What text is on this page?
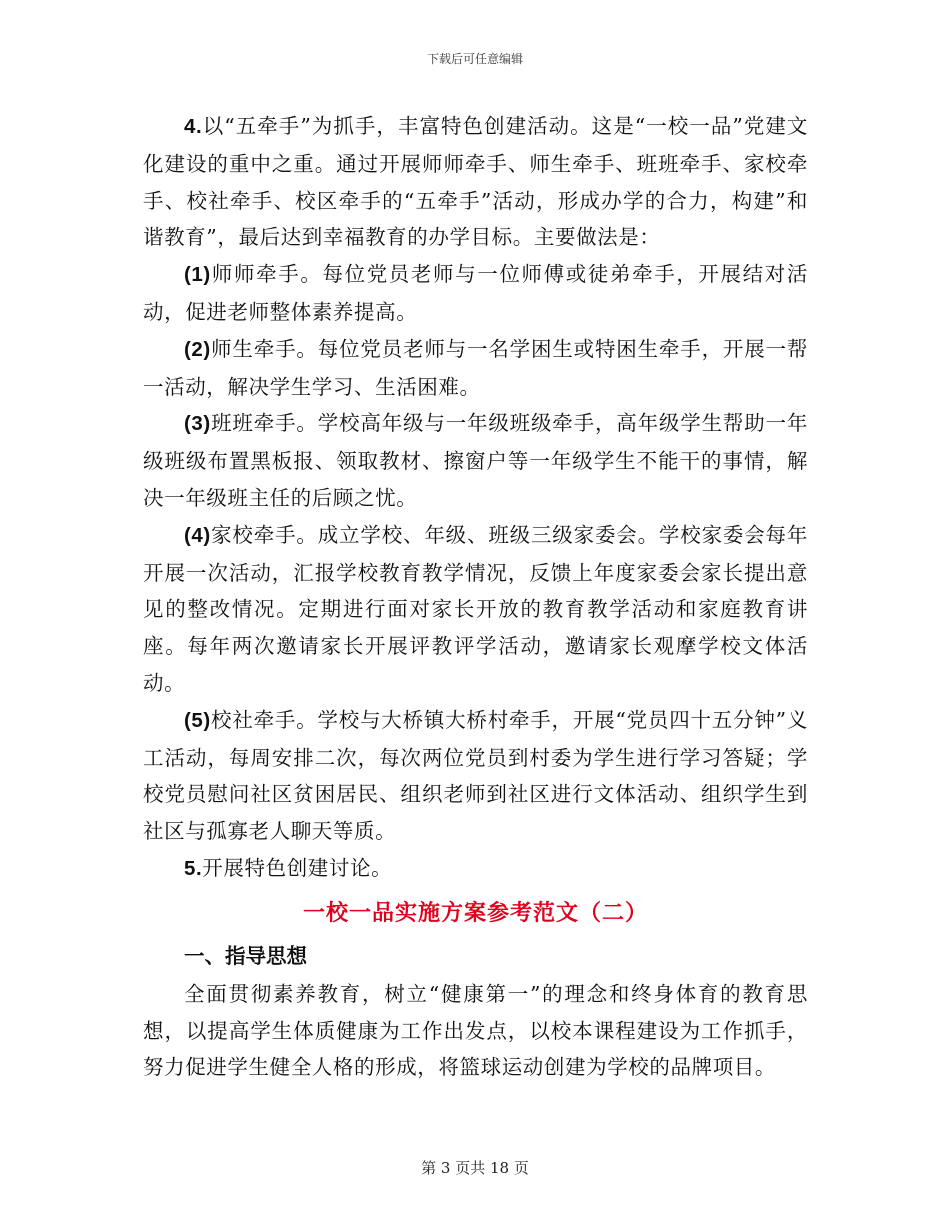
下载后可任意编辑

4.以“五牵手”为抓手，丰富特色创建活动。这是“一校一品”党建文化建设的重中之重。通过开展师师牵手、师生牵手、班班牵手、家校牵手、校社牵手、校区牵手的“五牵手”活动，形成办学的合力，构建”和谐教育”，最后达到幸福教育的办学目标。主要做法是：

(1)师师牵手。每位党员老师与一位师傅或徒弟牵手，开展结对活动，促进老师整体素养提高。

(2)师生牵手。每位党员老师与一名学困生或特困生牵手，开展一帮一活动，解决学生学习、生活困难。

(3)班班牵手。学校高年级与一年级班级牵手，高年级学生帮助一年级班级布置黑板报、领取教材、擦窗户等一年级学生不能干的事情，解决一年级班主任的后顾之忧。

(4)家校牵手。成立学校、年级、班级三级家委会。学校家委会每年开展一次活动，汇报学校教育教学情况，反馈上年度家委会家长提出意见的整改情况。定期进行面对家长开放的教育教学活动和家庭教育讲座。每年两次邀请家长开展评教评学活动，邀请家长观摩学校文体活动。

(5)校社牵手。学校与大桥镇大桥村牵手，开展“党员四十五分钟”义工活动，每周安排二次，每次两位党员到村委为学生进行学习答疑；学校党员慰问社区贫困居民、组织老师到社区进行文体活动、组织学生到社区与孤寡老人聊天等质。

5.开展特色创建讨论。

一校一品实施方案参考范文（二）
一、指导思想

全面贯彻素养教育，树立“健康第一”的理念和终身体育的教育思想，以提高学生体质健康为工作出发点，以校本课程建设为工作抓手，努力促进学生健全人格的形成，将篮球运动创建为学校的品牌项目。

第 3 页共 18 页
